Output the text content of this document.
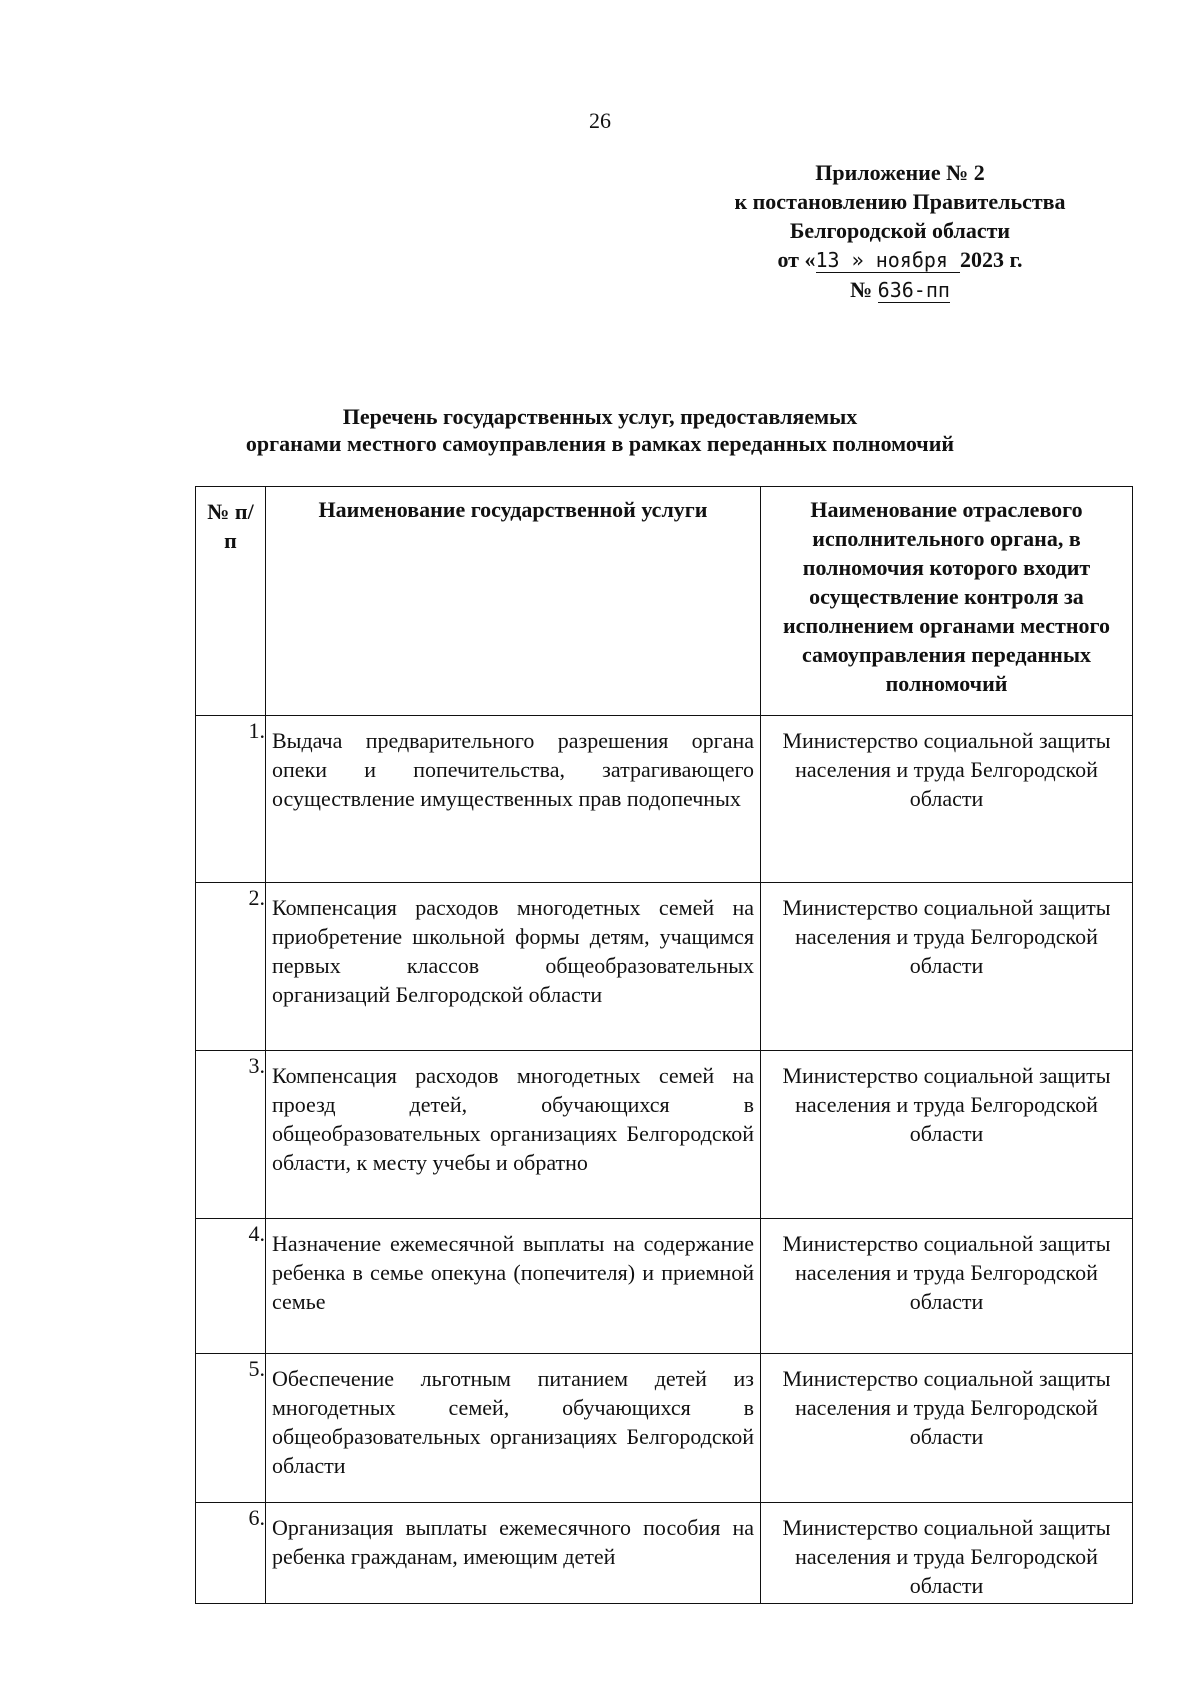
26
Приложение № 2
к постановлению Правительства
Белгородской области
от «13 » ноября 2023 г.
№ 636-пп
Перечень государственных услуг, предоставляемых
органами местного самоуправления в рамках переданных полномочий
№ п/п	Наименование государственной услуги	Наименование отраслевого исполнительного органа, в полномочия которого входит осуществление контроля за исполнением органами местного самоуправления переданных полномочий

1.	Выдача предварительного разрешения органа опеки и попечительства, затрагивающего осуществление имущественных прав подопечных	Министерство социальной защиты населения и труда Белгородской области

2.	Компенсация расходов многодетных семей на приобретение школьной формы детям, учащимся первых классов общеобразовательных организаций Белгородской области	Министерство социальной защиты населения и труда Белгородской области

3.	Компенсация расходов многодетных семей на проезд детей, обучающихся в общеобразовательных организациях Белгородской области, к месту учебы и обратно	Министерство социальной защиты населения и труда Белгородской области

4.	Назначение ежемесячной выплаты на содержание ребенка в семье опекуна (попечителя) и приемной семье	Министерство социальной защиты населения и труда Белгородской области

5.	Обеспечение льготным питанием детей из многодетных семей, обучающихся в общеобразовательных организациях Белгородской области	Министерство социальной защиты населения и труда Белгородской области

6.	Организация выплаты ежемесячного пособия на ребенка гражданам, имеющим детей	Министерство социальной защиты населения и труда Белгородской области
